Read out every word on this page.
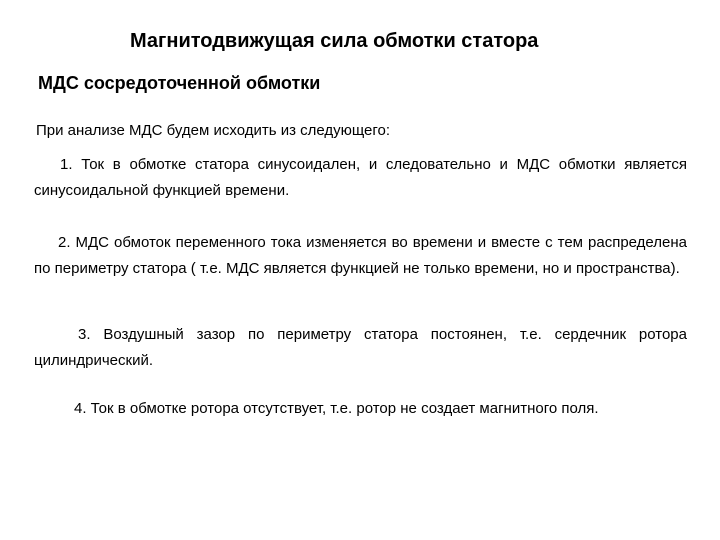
Магнитодвижущая сила обмотки статора
МДС сосредоточенной обмотки
При анализе МДС будем исходить из следующего:
1. Ток в обмотке статора синусоидален, и следовательно и МДС обмотки является синусоидальной функцией времени.
2. МДС обмоток переменного тока изменяется во времени и вместе с тем распределена по периметру статора ( т.е. МДС является функцией не только времени, но и пространства).
3. Воздушный зазор по периметру статора постоянен, т.е. сердечник ротора цилиндрический.
4. Ток в обмотке ротора отсутствует, т.е. ротор не создает магнитного поля.
